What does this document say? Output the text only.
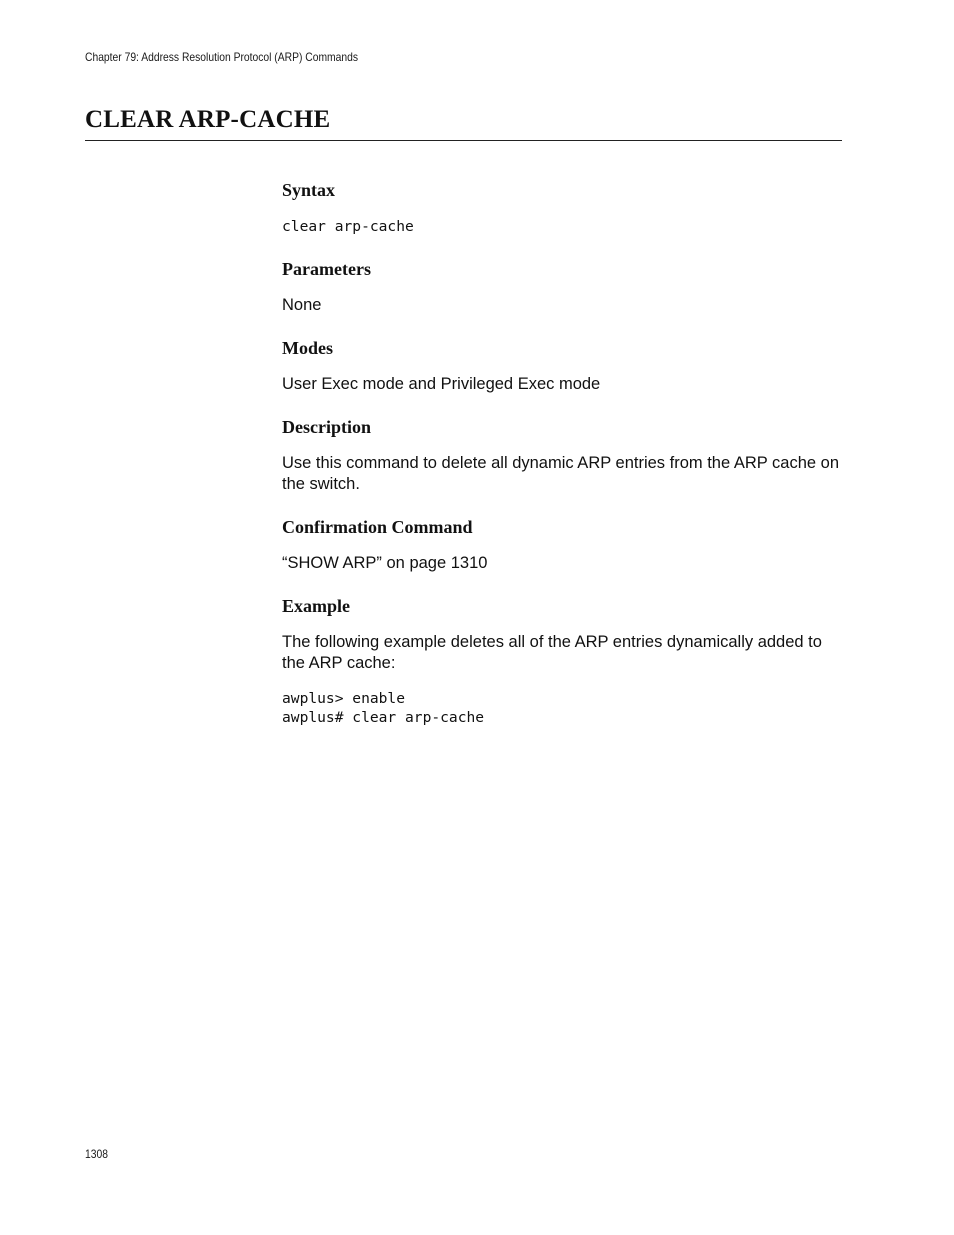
Chapter 79: Address Resolution Protocol (ARP) Commands
CLEAR ARP-CACHE
Syntax

clear arp-cache

Parameters

None

Modes

User Exec mode and Privileged Exec mode

Description

Use this command to delete all dynamic ARP entries from the ARP cache on the switch.

Confirmation Command

“SHOW ARP” on page 1310

Example

The following example deletes all of the ARP entries dynamically added to the ARP cache:

awplus> enable

awplus# clear arp-cache

1308
